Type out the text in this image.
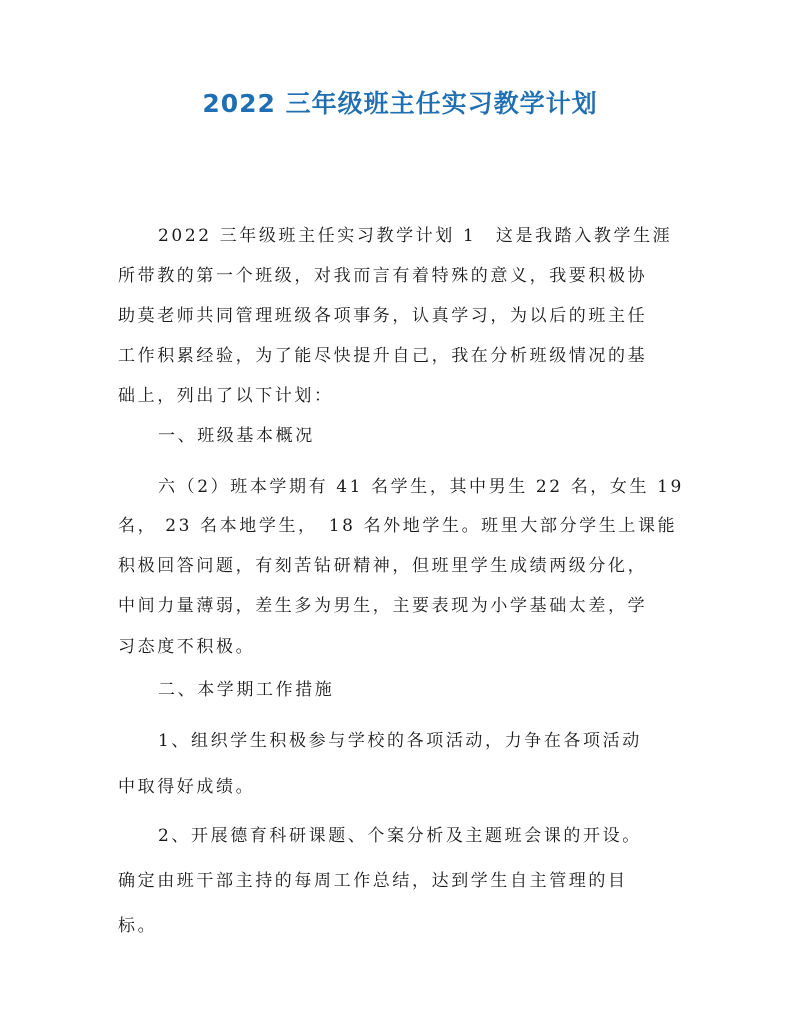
2022 三年级班主任实习教学计划
2022 三年级班主任实习教学计划 1　这是我踏入教学生涯
所带教的第一个班级，对我而言有着特殊的意义，我要积极协
助莫老师共同管理班级各项事务，认真学习，为以后的班主任
工作积累经验，为了能尽快提升自己，我在分析班级情况的基
础上，列出了以下计划：
一、班级基本概况
六（2）班本学期有 41 名学生，其中男生 22 名，女生 19
名， 23 名本地学生，　18 名外地学生。班里大部分学生上课能
积极回答问题，有刻苦钻研精神，但班里学生成绩两级分化，
中间力量薄弱，差生多为男生，主要表现为小学基础太差，学
习态度不积极。
二、本学期工作措施
1、组织学生积极参与学校的各项活动，力争在各项活动
中取得好成绩。
2、开展德育科研课题、个案分析及主题班会课的开设。
确定由班干部主持的每周工作总结，达到学生自主管理的目
标。
